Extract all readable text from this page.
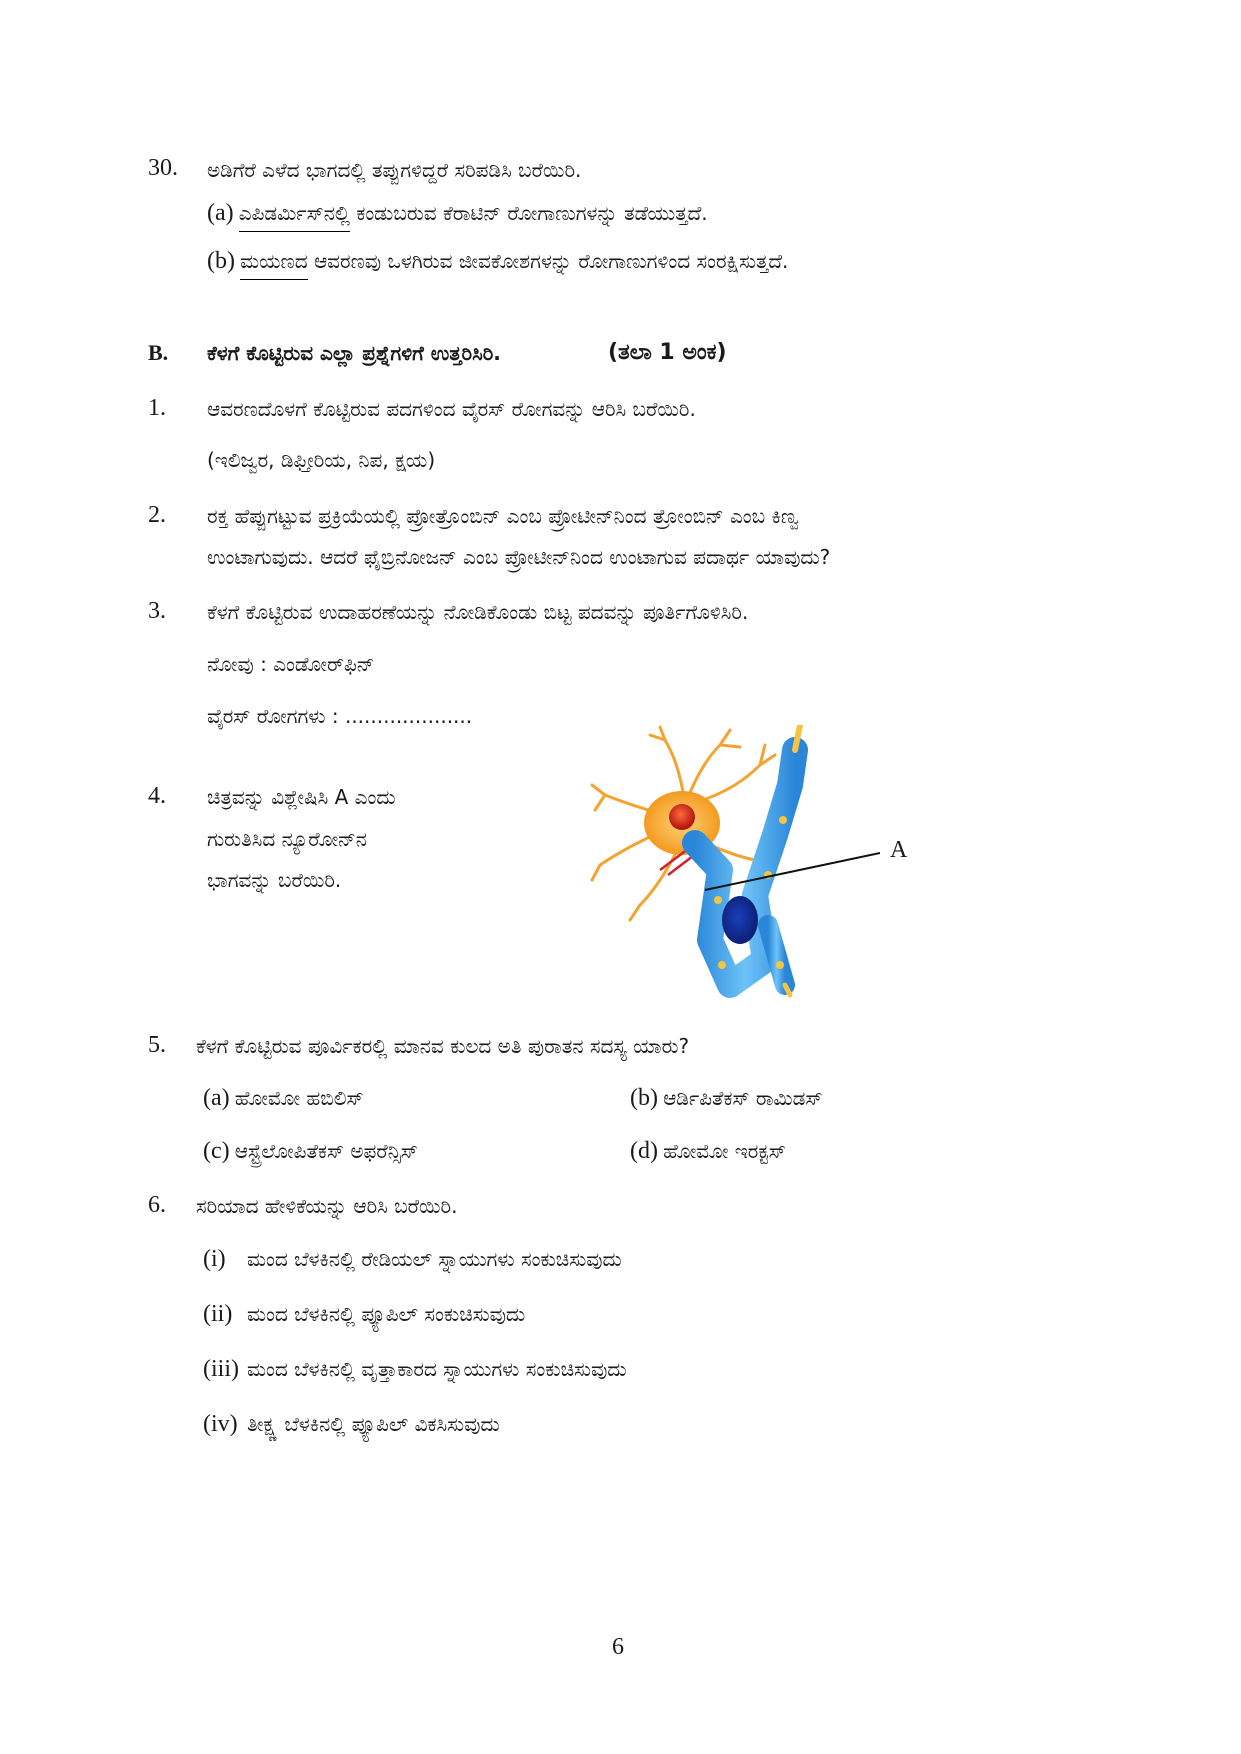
30. ಅಡಿಗೆರೆ ಎಳೆದ ಭಾಗದಲ್ಲಿ ತಪ್ಪುಗಳಿದ್ದರೆ ಸರಿಪಡಿಸಿ ಬರೆಯಿರಿ.
(a) ಎಪಿಡರ್ಮಿಸ್‌ನಲ್ಲಿ ಕಂಡುಬರುವ ಕೆರಾಟಿನ್ ರೋಗಾಣುಗಳನ್ನು ತಡೆಯುತ್ತದೆ.
(b) ಮಯಣದ ಆವರಣವು ಒಳಗಿರುವ ಜೀವಕೋಶಗಳನ್ನು ರೋಗಾಣುಗಳಿಂದ ಸಂರಕ್ಷಿಸುತ್ತದೆ.
B. ಕೆಳಗೆ ಕೊಟ್ಟಿರುವ ಎಲ್ಲಾ ಪ್ರಶ್ನೆಗಳಿಗೆ ಉತ್ತರಿಸಿರಿ.	(ತಲಾ 1 ಅಂಕ)
1. ಆವರಣದೊಳಗೆ ಕೊಟ್ಟಿರುವ ಪದಗಳಿಂದ ವೈರಸ್ ರೋಗವನ್ನು ಆರಿಸಿ ಬರೆಯಿರಿ.
(ಇಲಿಜ್ವರ, ಡಿಫ್ತೀರಿಯ, ನಿಪ, ಕ್ಷಯ)
2. ರಕ್ತ ಹೆಪ್ಪುಗಟ್ಟುವ ಪ್ರಕ್ರಿಯೆಯಲ್ಲಿ ಪ್ರೋತ್ರೊಂಬಿನ್ ಎಂಬ ಪ್ರೋಟೀನ್‌ನಿಂದ ತ್ರೋಂಬಿನ್ ಎಂಬ ಕಿಣ್ವ
ಉಂಟಾಗುವುದು. ಆದರೆ ಫೈಬ್ರಿನೋಜನ್ ಎಂಬ ಪ್ರೋಟೀನ್‌ನಿಂದ ಉಂಟಾಗುವ ಪದಾರ್ಥ ಯಾವುದು?
3. ಕೆಳಗೆ ಕೊಟ್ಟಿರುವ ಉದಾಹರಣೆಯನ್ನು ನೋಡಿಕೊಂಡು ಬಿಟ್ಟ ಪದವನ್ನು ಪೂರ್ತಿಗೊಳಿಸಿರಿ.
ನೋವು : ಎಂಡೋರ್‌ಫಿನ್
ವೈರಸ್ ರೋಗಗಳು : ....................
4. ಚಿತ್ರವನ್ನು ವಿಶ್ಲೇಷಿಸಿ A ಎಂದು
ಗುರುತಿಸಿದ ನ್ಯೂರೋನ್‌ನ
ಭಾಗವನ್ನು ಬರೆಯಿರಿ.
A
5. ಕೆಳಗೆ ಕೊಟ್ಟಿರುವ ಪೂರ್ವಿಕರಲ್ಲಿ ಮಾನವ ಕುಲದ ಅತಿ ಪುರಾತನ ಸದಸ್ಯ ಯಾರು?
(a) ಹೋಮೋ ಹಬಿಲಿಸ್	(b) ಆರ್ಡಿಪಿತೆಕಸ್ ರಾಮಿಡಸ್
(c) ಆಸ್ಟ್ರೆಲೋಪಿತೆಕಸ್ ಅಫರೆನ್ಸಿಸ್	(d) ಹೋಮೋ ಇರಕ್ಟಸ್
6. ಸರಿಯಾದ ಹೇಳಿಕೆಯನ್ನು ಆರಿಸಿ ಬರೆಯಿರಿ.
(i) ಮಂದ ಬೆಳಕಿನಲ್ಲಿ ರೇಡಿಯಲ್ ಸ್ನಾಯುಗಳು ಸಂಕುಚಿಸುವುದು
(ii) ಮಂದ ಬೆಳಕಿನಲ್ಲಿ ಪ್ಯೂಪಿಲ್ ಸಂಕುಚಿಸುವುದು
(iii) ಮಂದ ಬೆಳಕಿನಲ್ಲಿ ವೃತ್ತಾಕಾರದ ಸ್ನಾಯುಗಳು ಸಂಕುಚಿಸುವುದು
(iv) ತೀಕ್ಷ್ಣ ಬೆಳಕಿನಲ್ಲಿ ಪ್ಯೂಪಿಲ್ ವಿಕಸಿಸುವುದು
6
